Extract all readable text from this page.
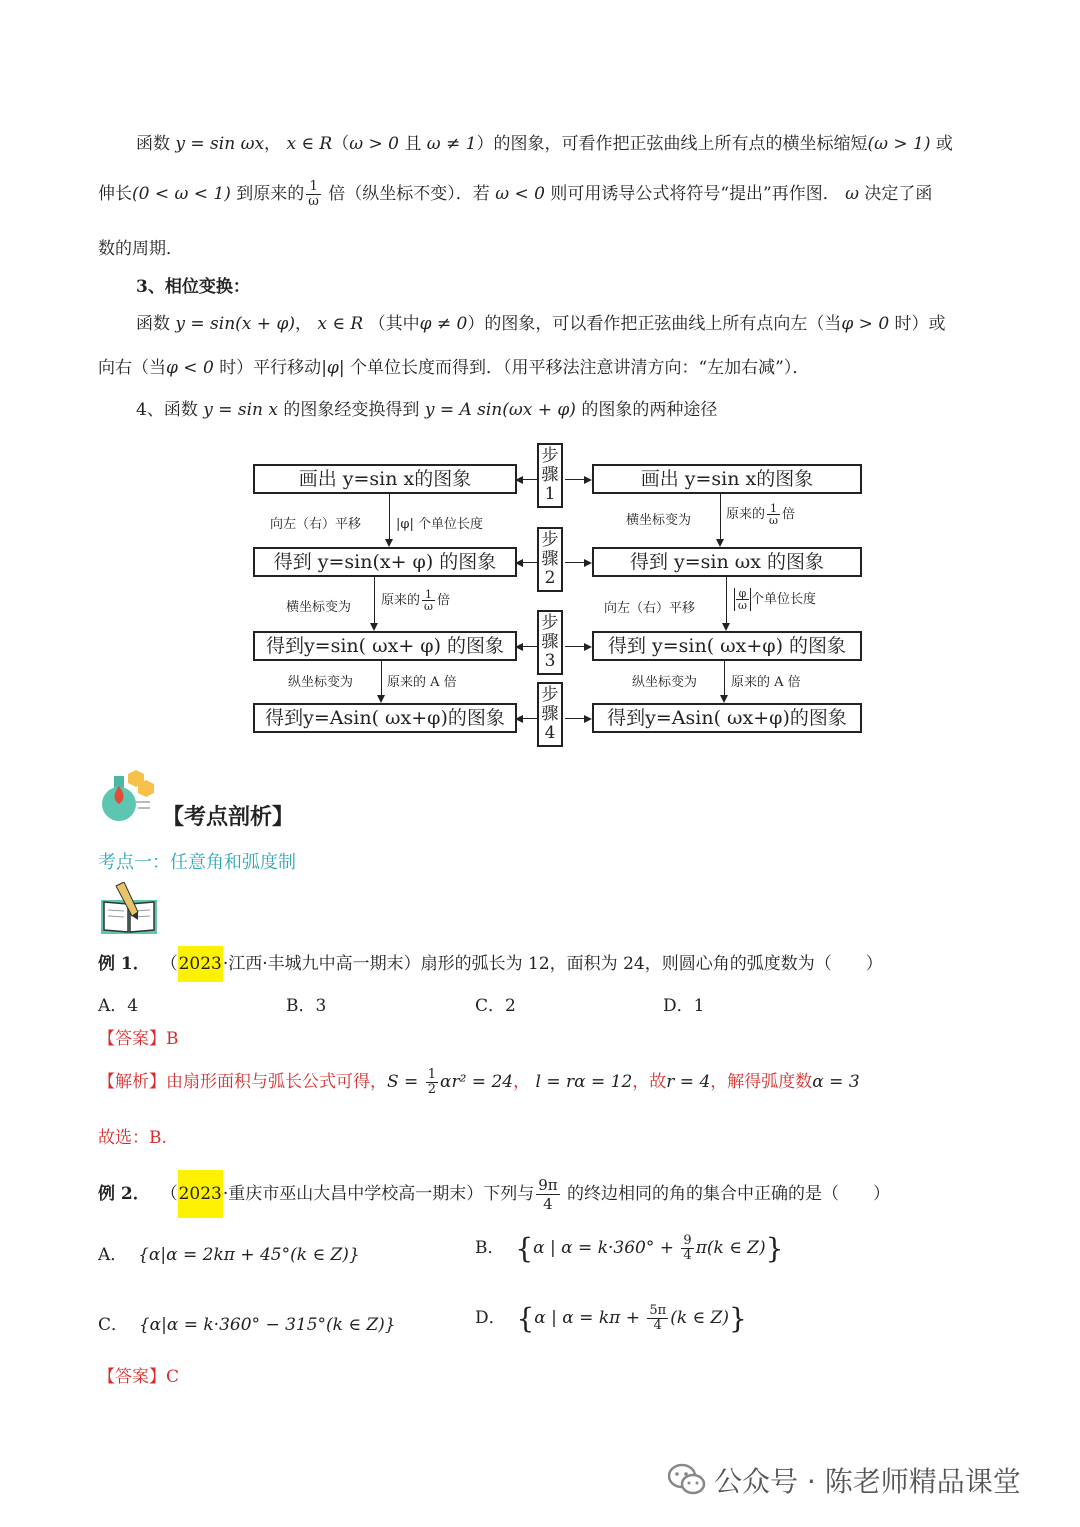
函数 y = sin ωx， x ∈ R（ω > 0 且 ω ≠ 1）的图象，可看作把正弦曲线上所有点的横坐标缩短(ω > 1) 或
伸长(0 < ω < 1) 到原来的 $\frac{1}{\omega}$ 倍（纵坐标不变）．若 ω < 0 则可用诱导公式将符号“提出”再作图． ω 决定了函
数的周期．
3、相位变换：
函数 y = sin(x + φ)， x ∈ R （其中φ ≠ 0）的图象，可以看作把正弦曲线上所有点向左（当φ > 0 时）或
向右（当φ < 0 时）平行移动|φ| 个单位长度而得到．（用平移法注意讲清方向：“左加右减”）．
4、函数 y = sin x 的图象经变换得到 y = A sin(ωx + φ) 的图象的两种途径
画出 y=sin x的图象
得到 y=sin(x+ φ) 的图象
得到y=sin( ωx+ φ) 的图象
得到y=Asin( ωx+φ)的图象
画出 y=sin x的图象
得到 y=sin ωx 的图象
得到 y=sin( ωx+φ) 的图象
得到y=Asin( ωx+φ)的图象
步骤1
步骤2
步骤3
步骤4
向左（右）平移	|φ| 个单位长度
横坐标变为 原来的 $\frac{1}{\omega}$ 倍
纵坐标变为	原来的 A 倍
横坐标变为	原来的 $\frac{1}{\omega}$ 倍
向左（右）平移	$\frac{\varphi}{\omega}$ 个单位长度
纵坐标变为	原来的 A 倍
【考点剖析】
考点一：任意角和弧度制
例 1． （2023·江西·丰城九中高一期末）扇形的弧长为 12，面积为 24，则圆心角的弧度数为（　　）
A．4	B．3	C．2	D．1
【答案】B
【解析】由扇形面积与弧长公式可得，$S = \frac{1}{2} \alpha r^2 = 24$， l = rα = 12，故r = 4，解得弧度数α = 3
故选：B.
例 2． （2023·重庆市巫山大昌中学校高一期末）下列与 $\frac{9\pi}{4}$ 的终边相同的角的集合中正确的是（　　）
A． {α|α = 2kπ + 45°(k ∈ Z)}	B． {α | $\alpha = k\cdot 360^\circ + \frac{9}{4} \pi(k$ ∈ Z)}
C． {α|α = k·360° − 315°(k ∈ Z)}	D． {α | $\alpha = k\pi + \frac{5\pi}{4} (k$ ∈ Z)}
【答案】C
公众号 · 陈老师精品课堂
